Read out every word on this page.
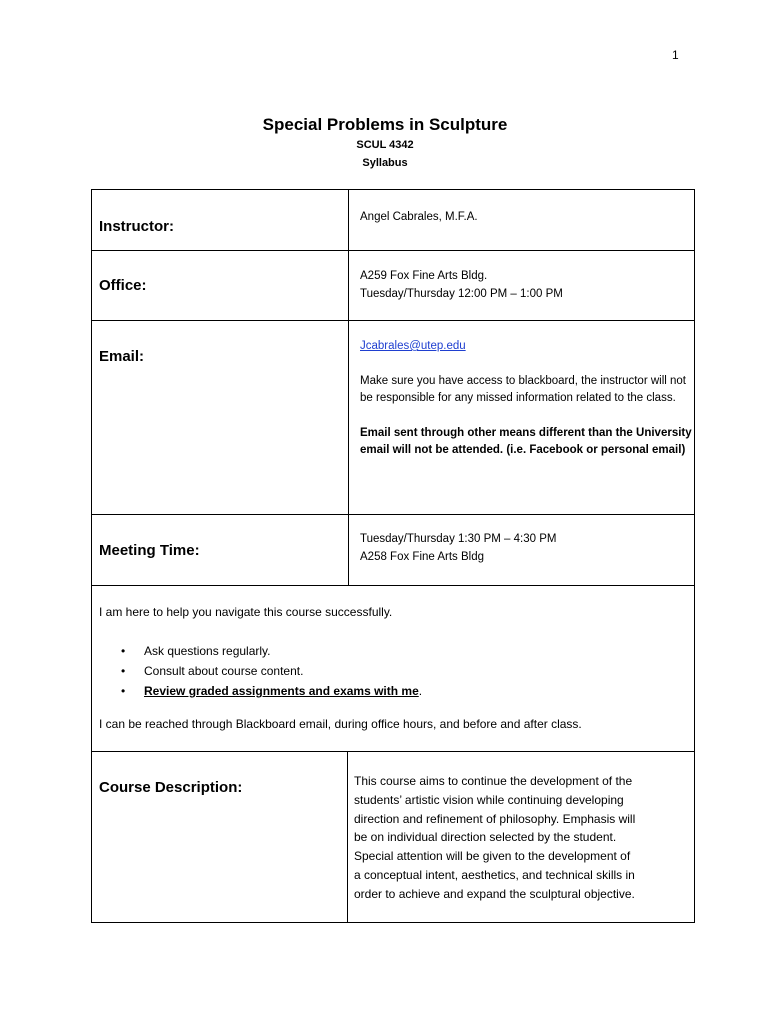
1
Special Problems in Sculpture
SCUL 4342
Syllabus
Instructor:
Angel Cabrales, M.F.A.
Office:

A259 Fox Fine Arts Bldg.

Tuesday/Thursday 12:00 PM – 1:00 PM

Email:

Jcabrales@utep.edu

Make sure you have access to blackboard, the instructor will not be responsible for any missed information related to the class.

Email sent through other means different than the University email will not be attended. (i.e. Facebook or personal email)

Meeting Time:

Tuesday/Thursday 1:30 PM – 4:30 PM

A258 Fox Fine Arts Bldg

I am here to help you navigate this course successfully.
• Ask questions regularly.
• Consult about course content.
• Review graded assignments and exams with me.
I can be reached through Blackboard email, during office hours, and before and after class.
Course Description:	This course aims to continue the development of the

students’ artistic vision while continuing developing

direction and refinement of philosophy. Emphasis will

be on individual direction selected by the student.

Special attention will be given to the development of

a conceptual intent, aesthetics, and technical skills in

order to achieve and expand the sculptural objective.
